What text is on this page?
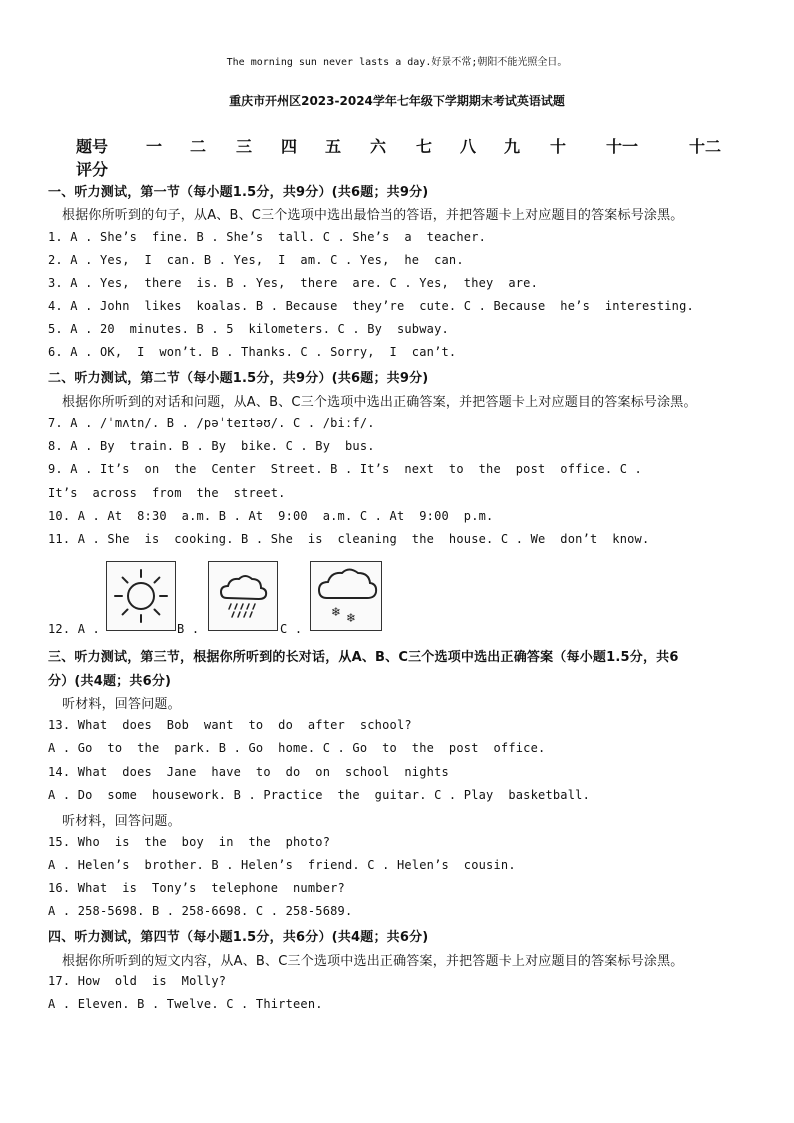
The morning sun never lasts a day.好景不常;朝阳不能光照全日。
重庆市开州区2023-2024学年七年级下学期期末考试英语试题
题号 一 二 三 四 五 六 七 八 九 十 十一	十二
评分
一、听力测试，第一节（每小题1.5分，共9分）(共6题；共9分)
根据你所听到的句子，从A、B、C三个选项中选出最恰当的答语，并把答题卡上对应题目的答案标号涂黑。
1. A . She’s  fine. B . She’s  tall. C . She’s  a  teacher.
2. A . Yes,  I  can. B . Yes,  I  am. C . Yes,  he  can.
3. A . Yes,  there  is. B . Yes,  there  are. C . Yes,  they  are.
4. A . John  likes  koalas. B . Because  they’re  cute. C . Because  he’s  interesting.
5. A . 20  minutes. B . 5  kilometers. C . By  subway.
6. A . OK,  I  won’t. B . Thanks. C . Sorry,  I  can’t.
二、听力测试，第二节（每小题1.5分，共9分）(共6题；共9分)
根据你所听到的对话和问题，从A、B、C三个选项中选出正确答案，并把答题卡上对应题目的答案标号涂黑。
7. A . /ˈmʌtn/. B . /pəˈteɪtəʊ/. C . /biːf/.
8. A . By  train. B . By  bike. C . By  bus.
9. A . It’s  on  the  Center  Street. B . It’s  next  to  the  post  office. C .
It’s  across  from  the  street.
10. A . At  8:30  a.m. B . At  9:00  a.m. C . At  9:00  p.m.
11. A . She  is  cooking. B . She  is  cleaning  the  house. C . We  don’t  know.
❄ ❄
12. A .	B .	C .
三、听力测试，第三节，根据你所听到的长对话，从A、B、C三个选项中选出正确答案（每小题1.5分，共6
分）(共4题；共6分)
听材料，回答问题。
13. What  does  Bob  want  to  do  after  school?
A . Go  to  the  park. B . Go  home. C . Go  to  the  post  office.
14. What  does  Jane  have  to  do  on  school  nights
A . Do  some  housework. B . Practice  the  guitar. C . Play  basketball.
听材料，回答问题。
15. Who  is  the  boy  in  the  photo?
A . Helen’s  brother. B . Helen’s  friend. C . Helen’s  cousin.
16. What  is  Tony’s  telephone  number?
A . 258-5698. B . 258-6698. C . 258-5689.
四、听力测试，第四节（每小题1.5分，共6分）(共4题；共6分)
根据你所听到的短文内容，从A、B、C三个选项中选出正确答案，并把答题卡上对应题目的答案标号涂黑。
17. How  old  is  Molly?
A . Eleven. B . Twelve. C . Thirteen.
